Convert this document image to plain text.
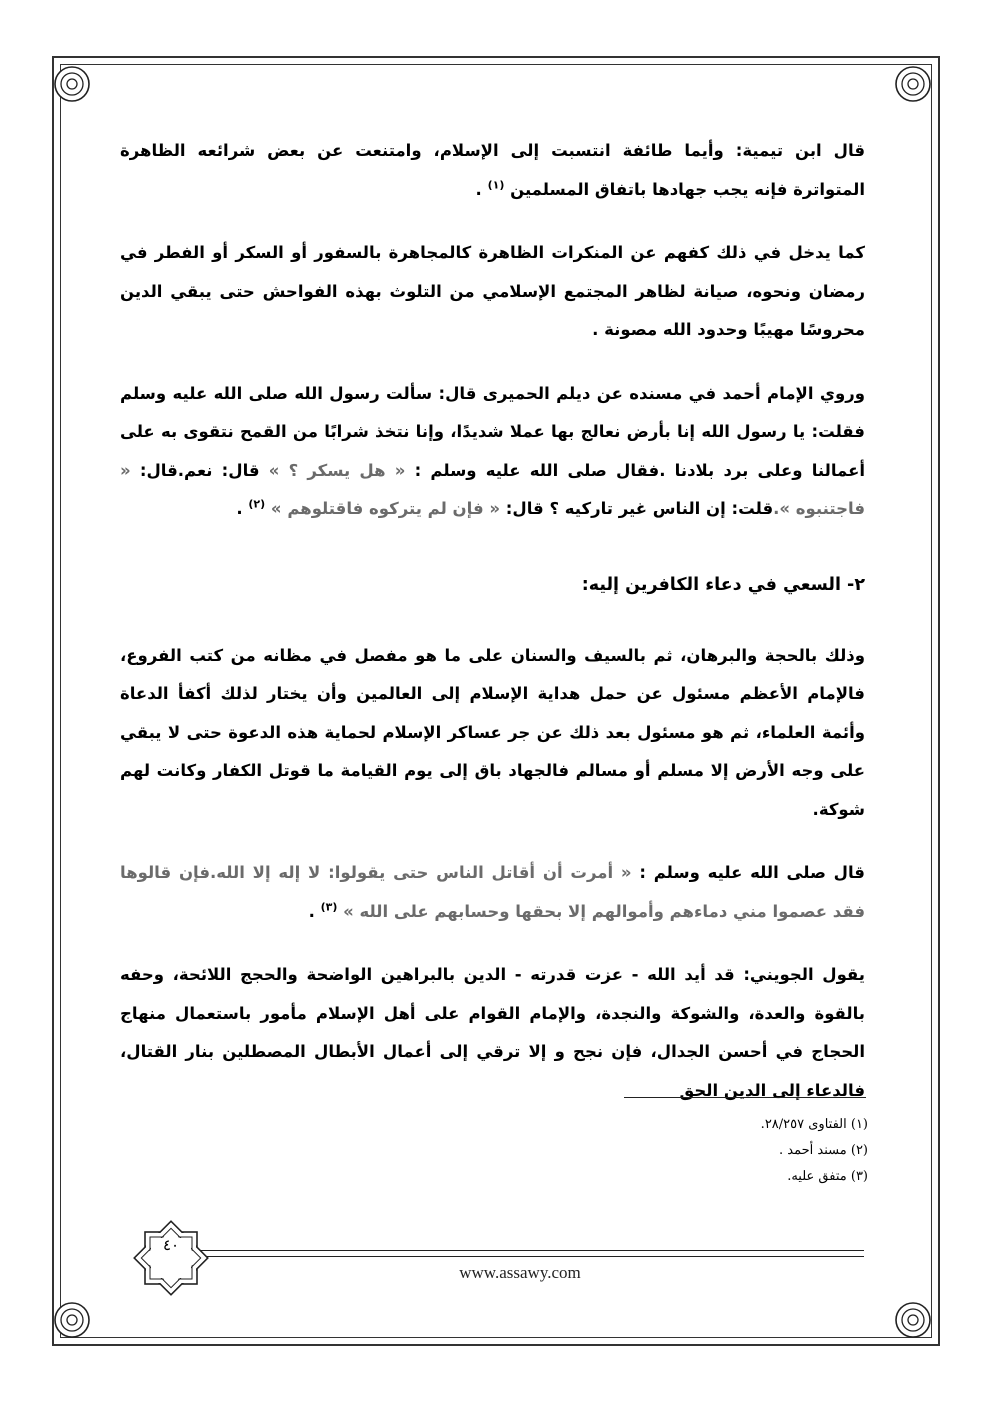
قال ابن تيمية: وأيما طائفة انتسبت إلى الإسلام، وامتنعت عن بعض شرائعه الظاهرة المتواترة فإنه يجب جهادها باتفاق المسلمين $^{(١)}$ .

كما يدخل في ذلك كفهم عن المنكرات الظاهرة كالمجاهرة بالسفور أو السكر أو الفطر في رمضان ونحوه، صيانة لظاهر المجتمع الإسلامي من التلوث بهذه الفواحش حتى يبقي الدين محروسًا مهيبًا وحدود الله مصونة .

وروي الإمام أحمد في مسنده عن ديلم الحميرى قال: سألت رسول الله صلى الله عليه وسلم فقلت: يا رسول الله إنا بأرض نعالج بها عملا شديدًا، وإنا نتخذ شرابًا من القمح نتقوى به على أعمالنا وعلى برد بلادنا .فقال صلى الله عليه وسلم : « هل يسكر ؟ » قال: نعم.قال: « فاجتنبوه ».قلت: إن الناس غير تاركيه ؟ قال: « فإن لم يتركوه فاقتلوهم » $^{(٢)}$ .

٢- السعي في دعاء الكافرين إليه:

وذلك بالحجة والبرهان، ثم بالسيف والسنان على ما هو مفصل في مظانه من كتب الفروع، فالإمام الأعظم مسئول عن حمل هداية الإسلام إلى العالمين وأن يختار لذلك أكفأ الدعاة وأئمة العلماء، ثم هو مسئول بعد ذلك عن جر عساكر الإسلام لحماية هذه الدعوة حتى لا يبقي على وجه الأرض إلا مسلم أو مسالم فالجهاد باق إلى يوم القيامة ما قوتل الكفار وكانت لهم شوكة.

قال صلى الله عليه وسلم : « أمرت أن أقاتل الناس حتى يقولوا: لا إله إلا الله.فإن قالوها فقد عصموا مني دماءهم وأموالهم إلا بحقها وحسابهم على الله » $^{(٣)}$ .

يقول الجويني: قد أيد الله - عزت قدرته - الدين بالبراهين الواضحة والحجج اللائحة، وحفه بالقوة والعدة، والشوكة والنجدة، والإمام القوام على أهل الإسلام مأمور باستعمال منهاج الحجاج في أحسن الجدال، فإن نجح و إلا ترقي إلى أعمال الأبطال المصطلين بنار القتال، فالدعاء إلى الدين الحق

(١) الفتاوى ٢٨/٢٥٧.
(٢) مسند أحمد .
(٣) متفق عليه.
٤٠
www.assawy.com
